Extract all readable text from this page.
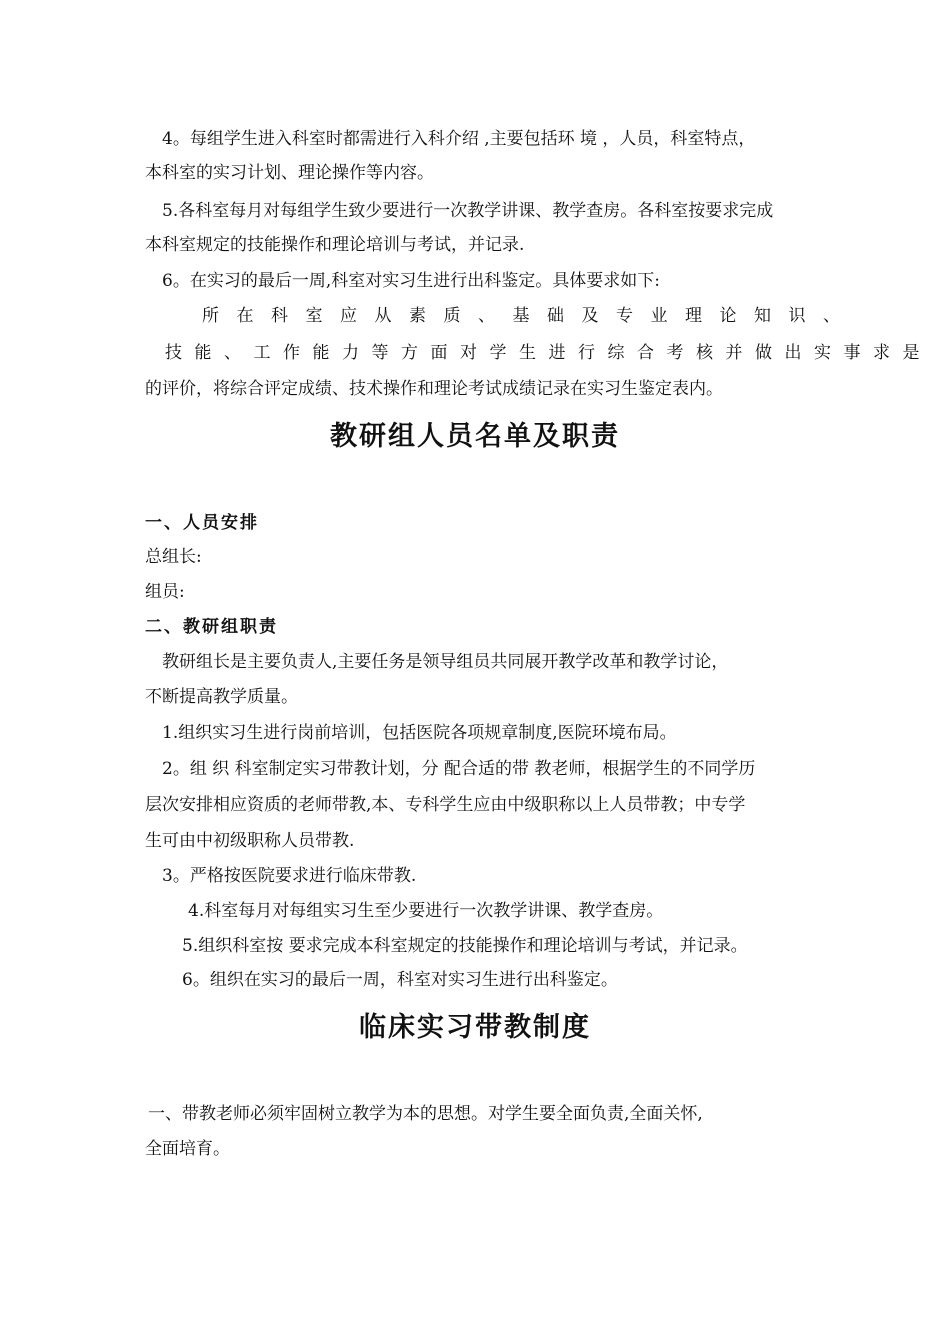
4。每组学生进入科室时都需进行入科介绍 ,主要包括环 境 ，人员，科室特点，
本科室的实习计划、理论操作等内容。
5.各科室每月对每组学生致少要进行一次教学讲课、教学查房。各科室按要求完成
本科室规定的技能操作和理论培训与考试，并记录.
6。在实习的最后一周,科室对实习生进行出科鉴定。具体要求如下:
所在科室应从素质、基础及专业理论知识、
技能、工作能力等方面对学生进行综合考核并做出实事求是
的评价，将综合评定成绩、技术操作和理论考试成绩记录在实习生鉴定表内。
教研组人员名单及职责
一、人员安排
总组长:
组员:
二、教研组职责
教研组长是主要负责人,主要任务是领导组员共同展开教学改革和教学讨论，
不断提高教学质量。
1.组织实习生进行岗前培训，包括医院各项规章制度,医院环境布局。
2。组 织 科室制定实习带教计划，分 配合适的带 教老师，根据学生的不同学历
层次安排相应资质的老师带教,本、专科学生应由中级职称以上人员带教；中专学
生可由中初级职称人员带教.
3。严格按医院要求进行临床带教.
4.科室每月对每组实习生至少要进行一次教学讲课、教学查房。
5.组织科室按 要求完成本科室规定的技能操作和理论培训与考试，并记录。
6。组织在实习的最后一周，科室对实习生进行出科鉴定。
临床实习带教制度
一、带教老师必须牢固树立教学为本的思想。对学生要全面负责,全面关怀,
全面培育。
